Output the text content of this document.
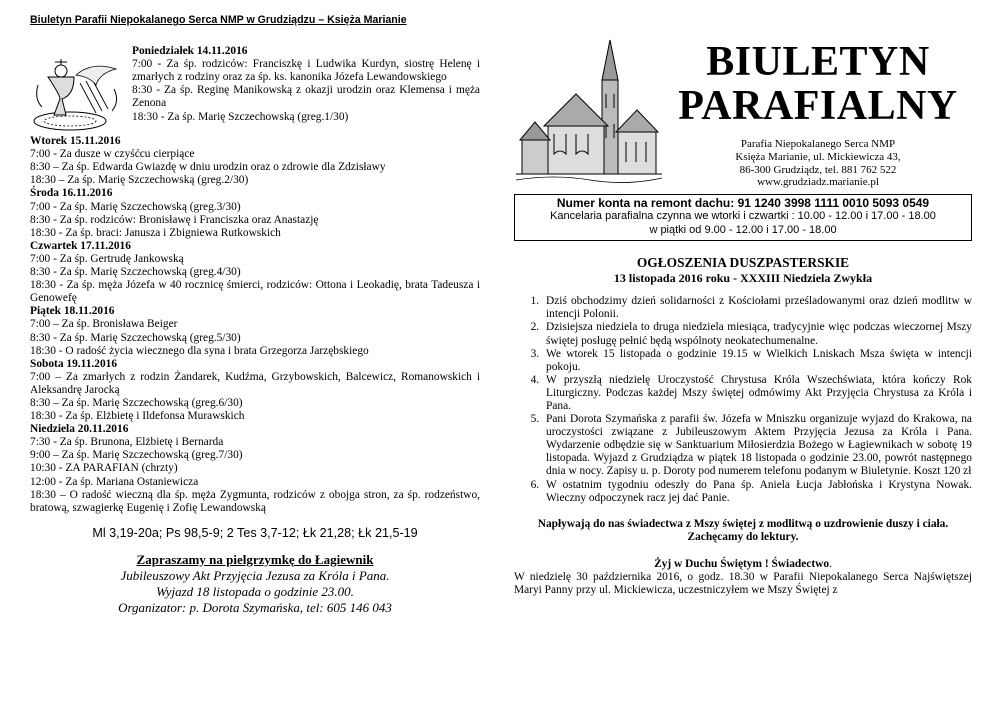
Biuletyn Parafii Niepokalanego Serca NMP w Grudziądzu – Księża Marianie
Poniedziałek 14.11.2016
7:00 - Za śp. rodziców: Franciszkę i Ludwika Kurdyn, siostrę Helenę i zmarłych z rodziny oraz za śp. ks. kanonika Józefa Lewandowskiego
8:30 - Za śp. Reginę Manikowską z okazji urodzin oraz Klemensa i męża Zenona
18:30 - Za śp. Marię Szczechowską (greg.1/30)
Wtorek 15.11.2016
7:00 - Za dusze w czyśćcu cierpiące
8:30 – Za śp. Edwarda Gwiazdę w dniu urodzin oraz o zdrowie dla Zdzisławy
18:30 – Za śp. Marię Szczechowską (greg.2/30)
Środa 16.11.2016
7:00 - Za śp. Marię Szczechowską (greg.3/30)
8:30 - Za śp. rodziców: Bronisławę i Franciszka oraz Anastazję
18:30 - Za śp. braci: Janusza i Zbigniewa Rutkowskich
Czwartek 17.11.2016
7:00 - Za śp. Gertrudę Jankowską
8:30 - Za śp. Marię Szczechowską (greg.4/30)
18:30 - Za śp. męża Józefa w 40 rocznicę śmierci, rodziców: Ottona i Leokadię, brata Tadeusza i Genowefę
Piątek 18.11.2016
7:00 – Za śp. Bronisława Beiger
8:30 - Za śp. Marię Szczechowską (greg.5/30)
18:30 - O radość życia wiecznego dla syna i brata Grzegorza Jarzębskiego
Sobota 19.11.2016
7:00 – Za zmarłych z rodzin Żandarek, Kudźma, Grzybowskich, Balcewicz, Romanowskich i Aleksandrę Jarocką
8:30 – Za śp. Marię Szczechowską (greg.6/30)
18:30 - Za śp. Elżbietę i Ildefonsa Murawskich
Niedziela 20.11.2016
7:30 - Za śp. Brunona, Elżbietę i Bernarda
9:00 – Za śp. Marię Szczechowską (greg.7/30)
10:30 - ZA PARAFIAN (chrzty)
12:00 - Za śp. Mariana Ostaniewicza
18:30 – O radość wieczną dla śp. męża Zygmunta, rodziców z obojga stron, za śp. rodzeństwo, bratową, szwagierkę Eugenię i Zofię Lewandowską
Ml 3,19-20a; Ps 98,5-9; 2 Tes 3,7-12; Łk 21,28; Łk 21,5-19
Zapraszamy na pielgrzymkę do Łagiewnik
Jubileuszowy Akt Przyjęcia Jezusa za Króla i Pana.
Wyjazd 18 listopada o godzinie 23.00.
Organizator: p. Dorota Szymańska, tel: 605 146 043
BIULETYN
PARAFIALNY
Parafia Niepokalanego Serca NMP
Księża Marianie, ul. Mickiewicza 43,
86-300 Grudziądz, tel. 881 762 522
www.grudziadz.marianie.pl
Numer konta na remont dachu: 91 1240 3998 1111 0010 5093 0549
Kancelaria parafialna czynna we wtorki i czwartki : 10.00 - 12.00 i 17.00 - 18.00
w piątki od 9.00 - 12.00 i 17.00 - 18.00
OGŁOSZENIA DUSZPASTERSKIE
13 listopada 2016 roku - XXXIII Niedziela Zwykła
1. Dziś obchodzimy dzień solidarności z Kościołami prześladowanymi oraz dzień modlitw w intencji Polonii.
2. Dzisiejsza niedziela to druga niedziela miesiąca, tradycyjnie więc podczas wieczornej Mszy świętej posługę pełnić będą wspólnoty neokatechumenalne.
3. We wtorek 15 listopada o godzinie 19.15 w Wielkich Lniskach Msza święta w intencji pokoju.
4. W przyszłą niedzielę Uroczystość Chrystusa Króla Wszechświata, która kończy Rok Liturgiczny. Podczas każdej Mszy świętej odmówimy Akt Przyjęcia Chrystusa za Króla i Pana.
5. Pani Dorota Szymańska z parafii św. Józefa w Mniszku organizuje wyjazd do Krakowa, na uroczystości związane z Jubileuszowym Aktem Przyjęcia Jezusa za Króla i Pana. Wydarzenie odbędzie się w Sanktuarium Miłosierdzia Bożego w Łagiewnikach w sobotę 19 listopada. Wyjazd z Grudziądza w piątek 18 listopada o godzinie 23.00, powrót następnego dnia w nocy. Zapisy u. p. Doroty pod numerem telefonu podanym w Biuletynie. Koszt 120 zł
6. W ostatnim tygodniu odeszły do Pana śp. Aniela Łucja Jabłońska i Krystyna Nowak. Wieczny odpoczynek racz jej dać Panie.
Napływają do nas świadectwa z Mszy świętej z modlitwą o uzdrowienie duszy i ciała.
Zachęcamy do lektury.
Żyj w Duchu Świętym ! Świadectwo.
W niedzielę 30 października 2016, o godz. 18.30 w Parafii Niepokalanego Serca Najświętszej Maryi Panny przy ul. Mickiewicza, uczestniczyłem we Mszy Świętej z
